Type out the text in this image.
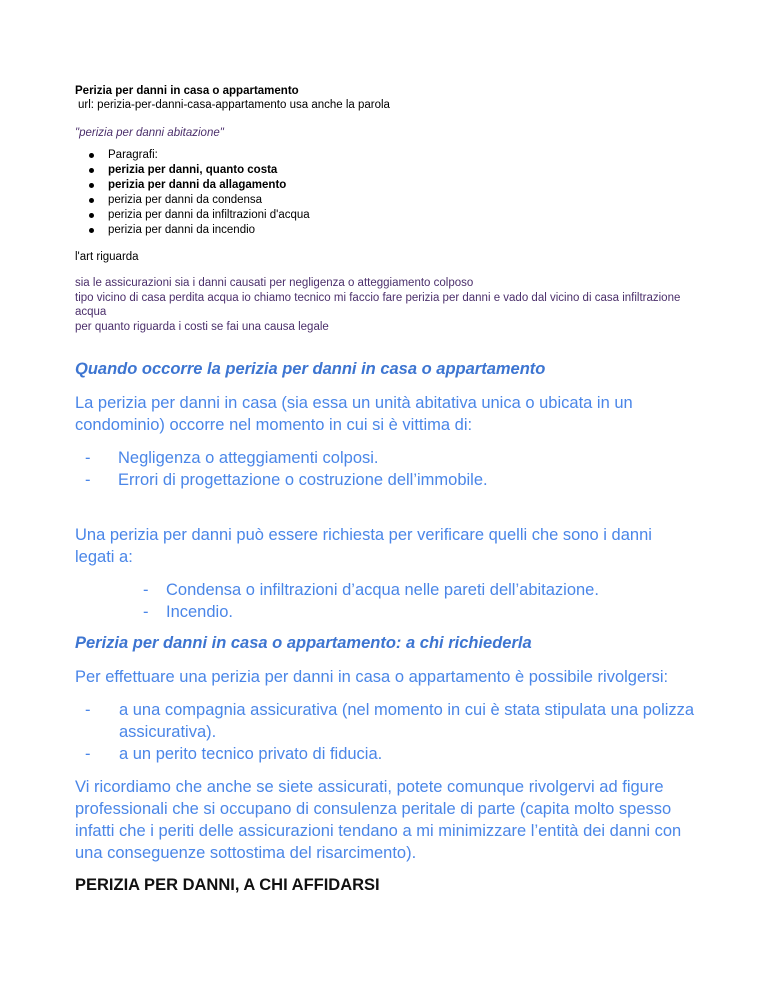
Perizia per danni in casa o appartamento
url: perizia-per-danni-casa-appartamento usa anche la parola
"perizia per danni abitazione"
Paragrafi:
perizia per danni, quanto costa
perizia per danni da allagamento
perizia per danni da condensa
perizia per danni da infiltrazioni d'acqua
perizia per danni da incendio
l'art riguarda
sia le assicurazioni sia i danni causati per negligenza o atteggiamento colposo
tipo vicino di casa perdita acqua io chiamo tecnico mi faccio fare perizia per danni e vado dal vicino di casa infiltrazione acqua
per quanto riguarda i costi se fai una causa legale
Quando occorre la perizia per danni in casa o appartamento

La perizia per danni in casa (sia essa un unità abitativa unica o ubicata in un condominio) occorre nel momento in cui si è vittima di:

- Negligenza o atteggiamenti colposi.
- Errori di progettazione o costruzione dell’immobile.

Una perizia per danni può essere richiesta per verificare quelli che sono i danni legati a:

- Condensa o infiltrazioni d’acqua nelle pareti dell’abitazione.
- Incendio.
Perizia per danni in casa o appartamento: a chi richiederla

Per effettuare una perizia per danni in casa o appartamento è possibile rivolgersi:

- a una compagnia assicurativa (nel momento in cui è stata stipulata una polizza assicurativa).
- a un perito tecnico privato di fiducia.

Vi ricordiamo che anche se siete assicurati, potete comunque rivolgervi ad figure professionali che si occupano di consulenza peritale di parte (capita molto spesso infatti che i periti delle assicurazioni tendano a mi minimizzare l’entità dei danni con una conseguenze sottostima del risarcimento).

PERIZIA PER DANNI, A CHI AFFIDARSI
